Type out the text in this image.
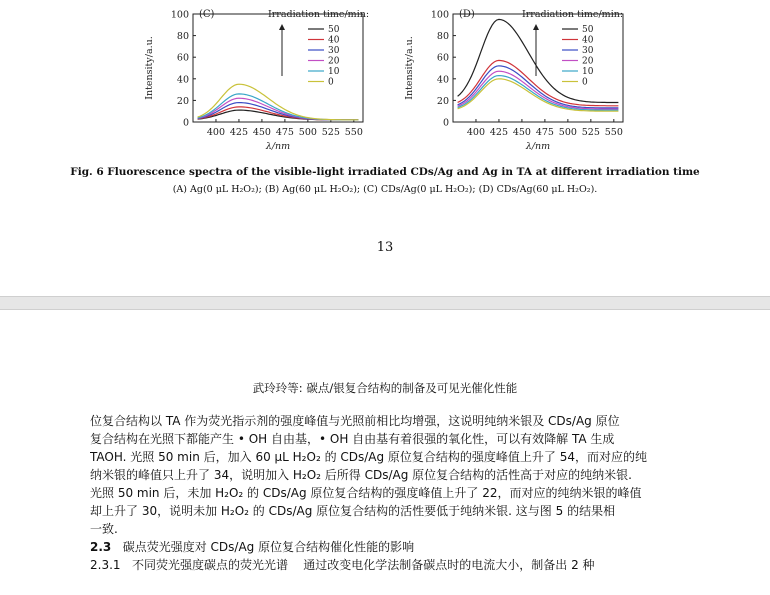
0
20
40
60
80
100
400 425 450 475 500 525 550
λ/nm
Intensity/a.u.
(C)	Irradiation time/min:
50
40
30
20
10
0
0
20
40
60
80
100
400 425 450 475 500 525 550
λ/nm
Intensity/a.u.
(D)	Irradiation time/min:
50
40
30
20
10
0
Fig. 6 Fluorescence spectra of the visible-light irradiated CDs/Ag and Ag in TA at different irradiation time
(A) Ag(0 μL H₂O₂); (B) Ag(60 μL H₂O₂); (C) CDs/Ag(0 μL H₂O₂); (D) CDs/Ag(60 μL H₂O₂).
13
武玲玲等: 碳点/银复合结构的制备及可见光催化性能
位复合结构以 TA 作为荧光指示剂的强度峰值与光照前相比均增强，这说明纯纳米银及 CDs/Ag 原位
复合结构在光照下都能产生 • OH 自由基，• OH 自由基有着很强的氧化性，可以有效降解 TA 生成
TAOH. 光照 50 min 后，加入 60 μL H₂O₂ 的 CDs/Ag 原位复合结构的强度峰值上升了 54，而对应的纯
纳米银的峰值只上升了 34，说明加入 H₂O₂ 后所得 CDs/Ag 原位复合结构的活性高于对应的纯纳米银.
光照 50 min 后，未加 H₂O₂ 的 CDs/Ag 原位复合结构的强度峰值上升了 22，而对应的纯纳米银的峰值
却上升了 30，说明未加 H₂O₂ 的 CDs/Ag 原位复合结构的活性要低于纯纳米银. 这与图 5 的结果相
一致.
2.3 碳点荧光强度对 CDs/Ag 原位复合结构催化性能的影响
2.3.1 不同荧光强度碳点的荧光光谱 通过改变电化学法制备碳点时的电流大小，制备出 2 种
